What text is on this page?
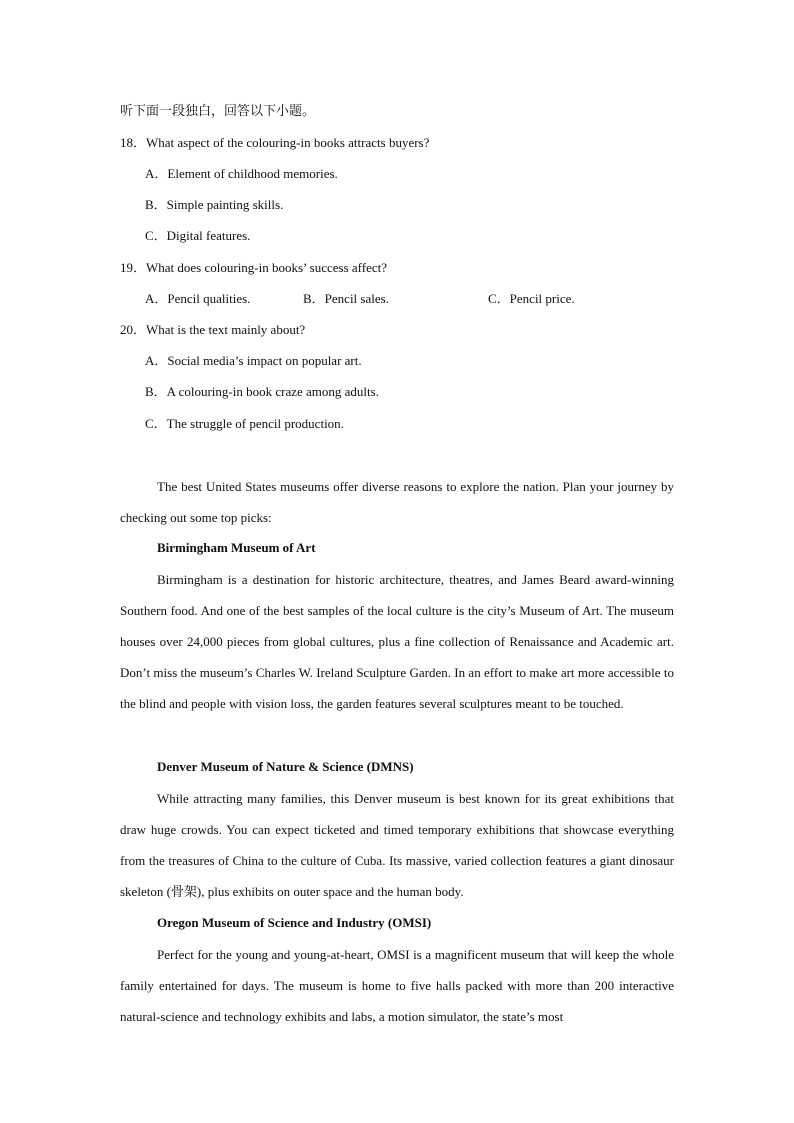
听下面一段独白，回答以下小题。
18．What aspect of the colouring-in books attracts buyers?
A．Element of childhood memories.
B．Simple painting skills.
C．Digital features.
19．What does colouring-in books’ success affect?
A．Pencil qualities.	B．Pencil sales.	C．Pencil price.
20．What is the text mainly about?
A．Social media’s impact on popular art.
B．A colouring-in book craze among adults.
C．The struggle of pencil production.
The best United States museums offer diverse reasons to explore the nation. Plan your journey by checking out some top picks:
Birmingham Museum of Art
Birmingham is a destination for historic architecture, theatres, and James Beard award-winning Southern food. And one of the best samples of the local culture is the city’s Museum of Art. The museum houses over 24,000 pieces from global cultures, plus a fine collection of Renaissance and Academic art. Don’t miss the museum’s Charles W. Ireland Sculpture Garden. In an effort to make art more accessible to the blind and people with vision loss, the garden features several sculptures meant to be touched.
Denver Museum of Nature & Science (DMNS)
While attracting many families, this Denver museum is best known for its great exhibitions that draw huge crowds. You can expect ticketed and timed temporary exhibitions that showcase everything from the treasures of China to the culture of Cuba. Its massive, varied collection features a giant dinosaur skeleton (骨架), plus exhibits on outer space and the human body.
Oregon Museum of Science and Industry (OMSI)
Perfect for the young and young-at-heart, OMSI is a magnificent museum that will keep the whole family entertained for days. The museum is home to five halls packed with more than 200 interactive natural-science and technology exhibits and labs, a motion simulator, the state’s most
